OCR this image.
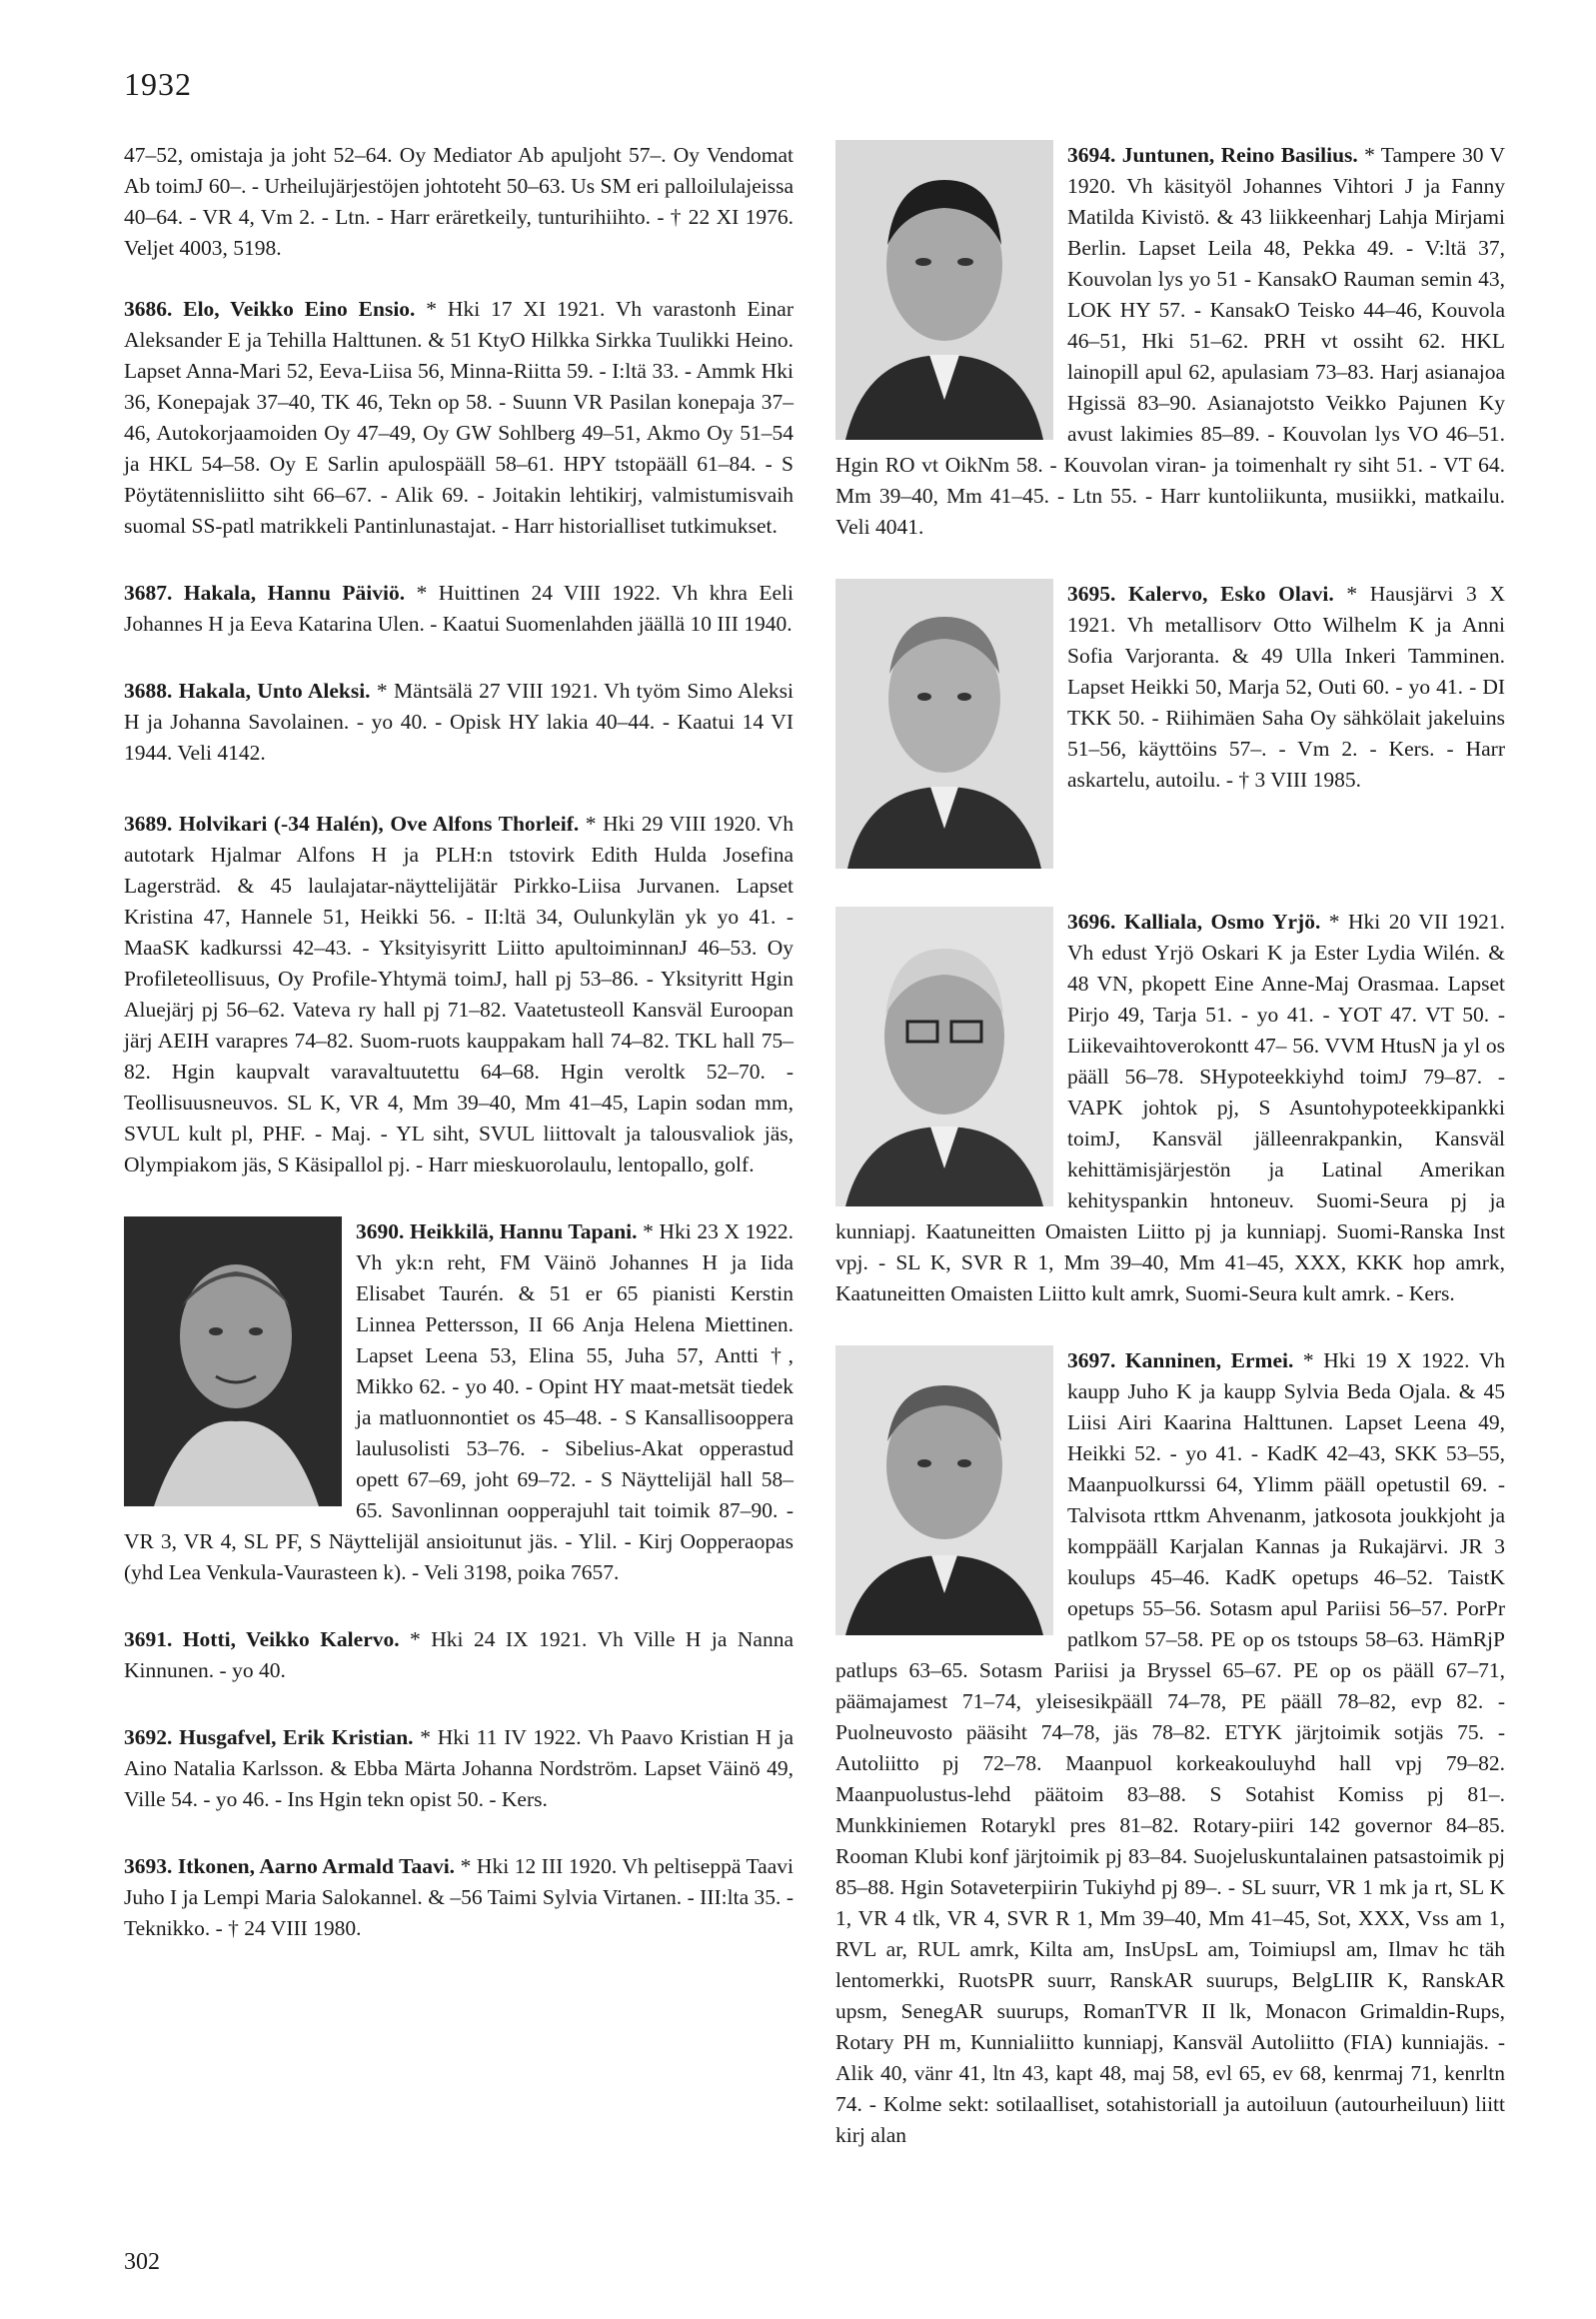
1932

47–52, omistaja ja joht 52–64. Oy Mediator Ab apuljoht 57–. Oy Vendomat Ab toimJ 60–. - Urheilujärjestöjen johtoteht 50–63. Us SM eri palloilulajeissa 40–64. - VR 4, Vm 2. - Ltn. - Harr eräretkeily, tunturihiihto. - † 22 XI 1976. Veljet 4003, 5198.

3686. Elo, Veikko Eino Ensio. * Hki 17 XI 1921. Vh varastonh Einar Aleksander E ja Tehilla Halttunen. & 51 KtyO Hilkka Sirkka Tuulikki Heino. Lapset Anna-Mari 52, Eeva-Liisa 56, Minna-Riitta 59. - I:ltä 33. - Ammk Hki 36, Konepajak 37–40, TK 46, Tekn op 58. - Suunn VR Pasilan konepaja 37–46, Autokorjaamoiden Oy 47–49, Oy GW Sohlberg 49–51, Akmo Oy 51–54 ja HKL 54–58. Oy E Sarlin apulospääll 58–61. HPY tstopääll 61–84. - S Pöytätennisliitto siht 66–67. - Alik 69. - Joitakin lehtikirj, valmistumisvaih suomal SS-patl matrikkeli Pantinlunastajat. - Harr historialliset tutkimukset.

3687. Hakala, Hannu Päiviö. * Huittinen 24 VIII 1922. Vh khra Eeli Johannes H ja Eeva Katarina Ulen. - Kaatui Suomenlahden jäällä 10 III 1940.

3688. Hakala, Unto Aleksi. * Mäntsälä 27 VIII 1921. Vh työm Simo Aleksi H ja Johanna Savolainen. - yo 40. - Opisk HY lakia 40–44. - Kaatui 14 VI 1944. Veli 4142.

3689. Holvikari (-34 Halén), Ove Alfons Thorleif. * Hki 29 VIII 1920. Vh autotark Hjalmar Alfons H ja PLH:n tstovirk Edith Hulda Josefina Lagersträd. & 45 laulajatar-näyttelijätär Pirkko-Liisa Jurvanen. Lapset Kristina 47, Hannele 51, Heikki 56. - II:ltä 34, Oulunkylän yk yo 41. - MaaSK kadkurssi 42–43. - Yksityisyritt Liitto apultoiminnanJ 46–53. Oy Profileteollisuus, Oy Profile-Yhtymä toimJ, hall pj 53–86. - Yksityritt Hgin Aluejärj pj 56–62. Vateva ry hall pj 71–82. Vaatetusteoll Kansväl Euroopan järj AEIH varapres 74–82. Suom-ruots kauppakam hall 74–82. TKL hall 75–82. Hgin kaupvalt varavaltuutettu 64–68. Hgin veroltk 52–70. - Teollisuusneuvos. SL K, VR 4, Mm 39–40, Mm 41–45, Lapin sodan mm, SVUL kult pl, PHF. - Maj. - YL siht, SVUL liittovalt ja talousvaliok jäs, Olympiakom jäs, S Käsipallol pj. - Harr mieskuorolaulu, lentopallo, golf.

3690. Heikkilä, Hannu Tapani. * Hki 23 X 1922. Vh yk:n reht, FM Väinö Johannes H ja Iida Elisabet Taurén. & 51 er 65 pianisti Kerstin Linnea Pettersson, II 66 Anja Helena Miettinen. Lapset Leena 53, Elina 55, Juha 57, Antti †, Mikko 62. - yo 40. - Opint HY maat-metsät tiedek ja matluonnontiet os 45–48. - S Kansallisooppera laulusolisti 53–76. - Sibelius-Akat opperastud opett 67–69, joht 69–72. - S Näyttelijäl hall 58–65. Savonlinnan oopperajuhl tait toimik 87–90. - VR 3, VR 4, SL PF, S Näyttelijäl ansioitunut jäs. - Ylil. - Kirj Oopperaopas (yhd Lea Venkula-Vaurasteen k). - Veli 3198, poika 7657.

3691. Hotti, Veikko Kalervo. * Hki 24 IX 1921. Vh Ville H ja Nanna Kinnunen. - yo 40.

3692. Husgafvel, Erik Kristian. * Hki 11 IV 1922. Vh Paavo Kristian H ja Aino Natalia Karlsson. & Ebba Märta Johanna Nordström. Lapset Väinö 49, Ville 54. - yo 46. - Ins Hgin tekn opist 50. - Kers.

3693. Itkonen, Aarno Armald Taavi. * Hki 12 III 1920. Vh peltiseppä Taavi Juho I ja Lempi Maria Salokannel. & –56 Taimi Sylvia Virtanen. - III:lta 35. - Teknikko. - † 24 VIII 1980.

3694. Juntunen, Reino Basilius. * Tampere 30 V 1920. Vh käsityöl Johannes Vihtori J ja Fanny Matilda Kivistö. & 43 liikkeenharj Lahja Mirjami Berlin. Lapset Leila 48, Pekka 49. - V:ltä 37, Kouvolan lys yo 51 - KansakO Rauman semin 43, LOK HY 57. - KansakO Teisko 44–46, Kouvola 46–51, Hki 51–62. PRH vt ossiht 62. HKL lainopill apul 62, apulasiam 73–83. Harj asianajoa Hgissä 83–90. Asianajotsto Veikko Pajunen Ky avust lakimies 85–89. - Kouvolan lys VO 46–51. Hgin RO vt OikNm 58. - Kouvolan viran- ja toimenhalt ry siht 51. - VT 64. Mm 39–40, Mm 41–45. - Ltn 55. - Harr kuntoliikunta, musiikki, matkailu. Veli 4041.

3695. Kalervo, Esko Olavi. * Hausjärvi 3 X 1921. Vh metallisorv Otto Wilhelm K ja Anni Sofia Varjoranta. & 49 Ulla Inkeri Tamminen. Lapset Heikki 50, Marja 52, Outi 60. - yo 41. - DI TKK 50. - Riihimäen Saha Oy sähkölait jakeluins 51–56, käyttöins 57–. - Vm 2. - Kers. - Harr askartelu, autoilu. - † 3 VIII 1985.

3696. Kalliala, Osmo Yrjö. * Hki 20 VII 1921. Vh edust Yrjö Oskari K ja Ester Lydia Wilén. & 48 VN, pkopett Eine Anne-Maj Orasmaa. Lapset Pirjo 49, Tarja 51. - yo 41. - YOT 47. VT 50. - Liikevaihtoverokontt 47– 56. VVM HtusN ja yl os pääll 56–78. SHypoteekkiyhd toimJ 79–87. - VAPK johtok pj, S Asuntohypoteekkipankki toimJ, Kansväl jälleenrakpankin, Kansväl kehittämisjärjestön ja Latinal Amerikan kehityspankin hntoneuv. Suomi-Seura pj ja kunniapj. Kaatuneitten Omaisten Liitto pj ja kunniapj. Suomi-Ranska Inst vpj. - SL K, SVR R 1, Mm 39–40, Mm 41–45, XXX, KKK hop amrk, Kaatuneitten Omaisten Liitto kult amrk, Suomi-Seura kult amrk. - Kers.

3697. Kanninen, Ermei. * Hki 19 X 1922. Vh kaupp Juho K ja kaupp Sylvia Beda Ojala. & 45 Liisi Airi Kaarina Halttunen. Lapset Leena 49, Heikki 52. - yo 41. - KadK 42–43, SKK 53–55, Maanpuolkurssi 64, Ylimm pääll opetustil 69. - Talvisota rttkm Ahvenanm, jatkosota joukkjoht ja komppääll Karjalan Kannas ja Rukajärvi. JR 3 koulups 45–46. KadK opetups 46–52. TaistK opetups 55–56. Sotasm apul Pariisi 56–57. PorPr patlkom 57–58. PE op os tstoups 58–63. HämRjP patlups 63–65. Sotasm Pariisi ja Bryssel 65–67. PE op os pääll 67–71, päämajamest 71–74, yleisesikpääll 74–78, PE pääll 78–82, evp 82. - Puolneuvosto pääsiht 74–78, jäs 78–82. ETYK järjtoimik sotjäs 75. - Autoliitto pj 72–78. Maanpuol korkeakouluyhd hall vpj 79–82. Maanpuolustus-lehd päätoim 83–88. S Sotahist Komiss pj 81–. Munkkiniemen Rotarykl pres 81–82. Rotary-piiri 142 governor 84–85. Rooman Klubi konf järjtoimik pj 83–84. Suojeluskuntalainen patsastoimik pj 85–88. Hgin Sotaveterpiirin Tukiyhd pj 89–. - SL suurr, VR 1 mk ja rt, SL K 1, VR 4 tlk, VR 4, SVR R 1, Mm 39–40, Mm 41–45, Sot, XXX, Vss am 1, RVL ar, RUL amrk, Kilta am, InsUpsL am, Toimiupsl am, Ilmav hc täh lentomerkki, RuotsPR suurr, RanskAR suurups, BelgLIIR K, RanskAR upsm, SenegAR suurups, RomanTVR II lk, Monacon Grimaldin-Rups, Rotary PH m, Kunnialiitto kunniapj, Kansväl Autoliitto (FIA) kunniajäs. - Alik 40, vänr 41, ltn 43, kapt 48, maj 58, evl 65, ev 68, kenrmaj 71, kenrltn 74. - Kolme sekt: sotilaalliset, sotahistoriall ja autoiluun (autourheiluun) liitt kirj alan

302
